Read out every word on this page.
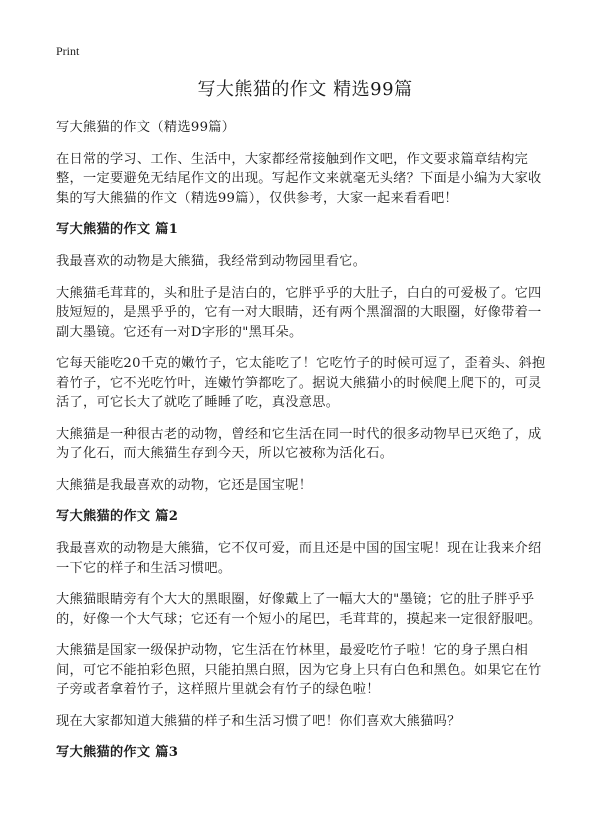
Print
写大熊猫的作文 精选99篇

写大熊猫的作文（精选99篇）

在日常的学习、工作、生活中，大家都经常接触到作文吧，作文要求篇章结构完整，一定要避免无结尾作文的出现。写起作文来就毫无头绪？下面是小编为大家收集的写大熊猫的作文（精选99篇），仅供参考，大家一起来看看吧！

写大熊猫的作文 篇1

我最喜欢的动物是大熊猫，我经常到动物园里看它。

大熊猫毛茸茸的，头和肚子是洁白的，它胖乎乎的大肚子，白白的可爱极了。它四肢短短的，是黑乎乎的，它有一对大眼睛，还有两个黑溜溜的大眼圈，好像带着一副大墨镜。它还有一对D字形的"黑耳朵。

它每天能吃20千克的嫩竹子，它太能吃了！它吃竹子的时候可逗了，歪着头、斜抱着竹子，它不光吃竹叶，连嫩竹笋都吃了。据说大熊猫小的时候爬上爬下的，可灵活了，可它长大了就吃了睡睡了吃，真没意思。

大熊猫是一种很古老的动物，曾经和它生活在同一时代的很多动物早已灭绝了，成为了化石，而大熊猫生存到今天，所以它被称为活化石。

大熊猫是我最喜欢的动物，它还是国宝呢！

写大熊猫的作文 篇2

我最喜欢的动物是大熊猫，它不仅可爱，而且还是中国的国宝呢！现在让我来介绍一下它的样子和生活习惯吧。

大熊猫眼睛旁有个大大的黑眼圈，好像戴上了一幅大大的"墨镜；它的肚子胖乎乎的，好像一个大气球；它还有一个短小的尾巴，毛茸茸的，摸起来一定很舒服吧。

大熊猫是国家一级保护动物，它生活在竹林里，最爱吃竹子啦！它的身子黑白相间，可它不能拍彩色照，只能拍黑白照，因为它身上只有白色和黑色。如果它在竹子旁或者拿着竹子，这样照片里就会有竹子的绿色啦！

现在大家都知道大熊猫的样子和生活习惯了吧！你们喜欢大熊猫吗？

写大熊猫的作文 篇3
